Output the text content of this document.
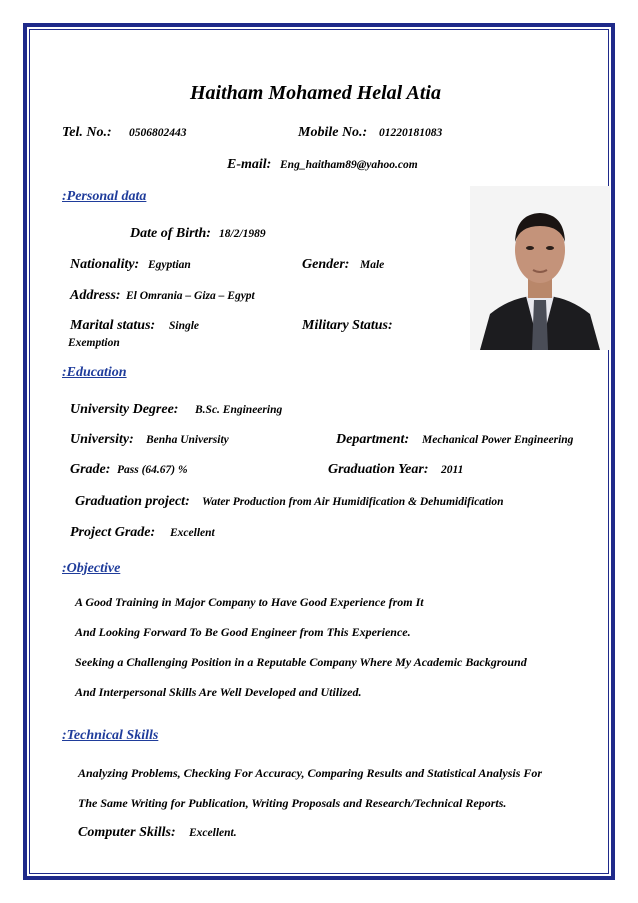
Haitham Mohamed Helal Atia
Tel. No.: 0506802443	Mobile No.: 01220181083
E-mail: Eng_haitham89@yahoo.com
:Personal data
Date of Birth: 18/2/1989
Nationality: Egyptian	Gender: Male
Address: El Omrania – Giza – Egypt
Marital status: Single	Military Status:
Exemption
:Education
University Degree: B.Sc. Engineering
University: Benha University	Department: Mechanical Power Engineering
Grade: Pass (64.67) %	Graduation Year: 2011
Graduation project: Water Production from Air Humidification & Dehumidification
Project Grade: Excellent
:Objective
A Good Training in Major Company to Have Good Experience from It
And Looking Forward To Be Good Engineer from This Experience.
Seeking a Challenging Position in a Reputable Company Where My Academic Background
And Interpersonal Skills Are Well Developed and Utilized.
:Technical Skills
Analyzing Problems, Checking For Accuracy, Comparing Results and Statistical Analysis For
The Same Writing for Publication, Writing Proposals and Research/Technical Reports.
Computer Skills: Excellent.
